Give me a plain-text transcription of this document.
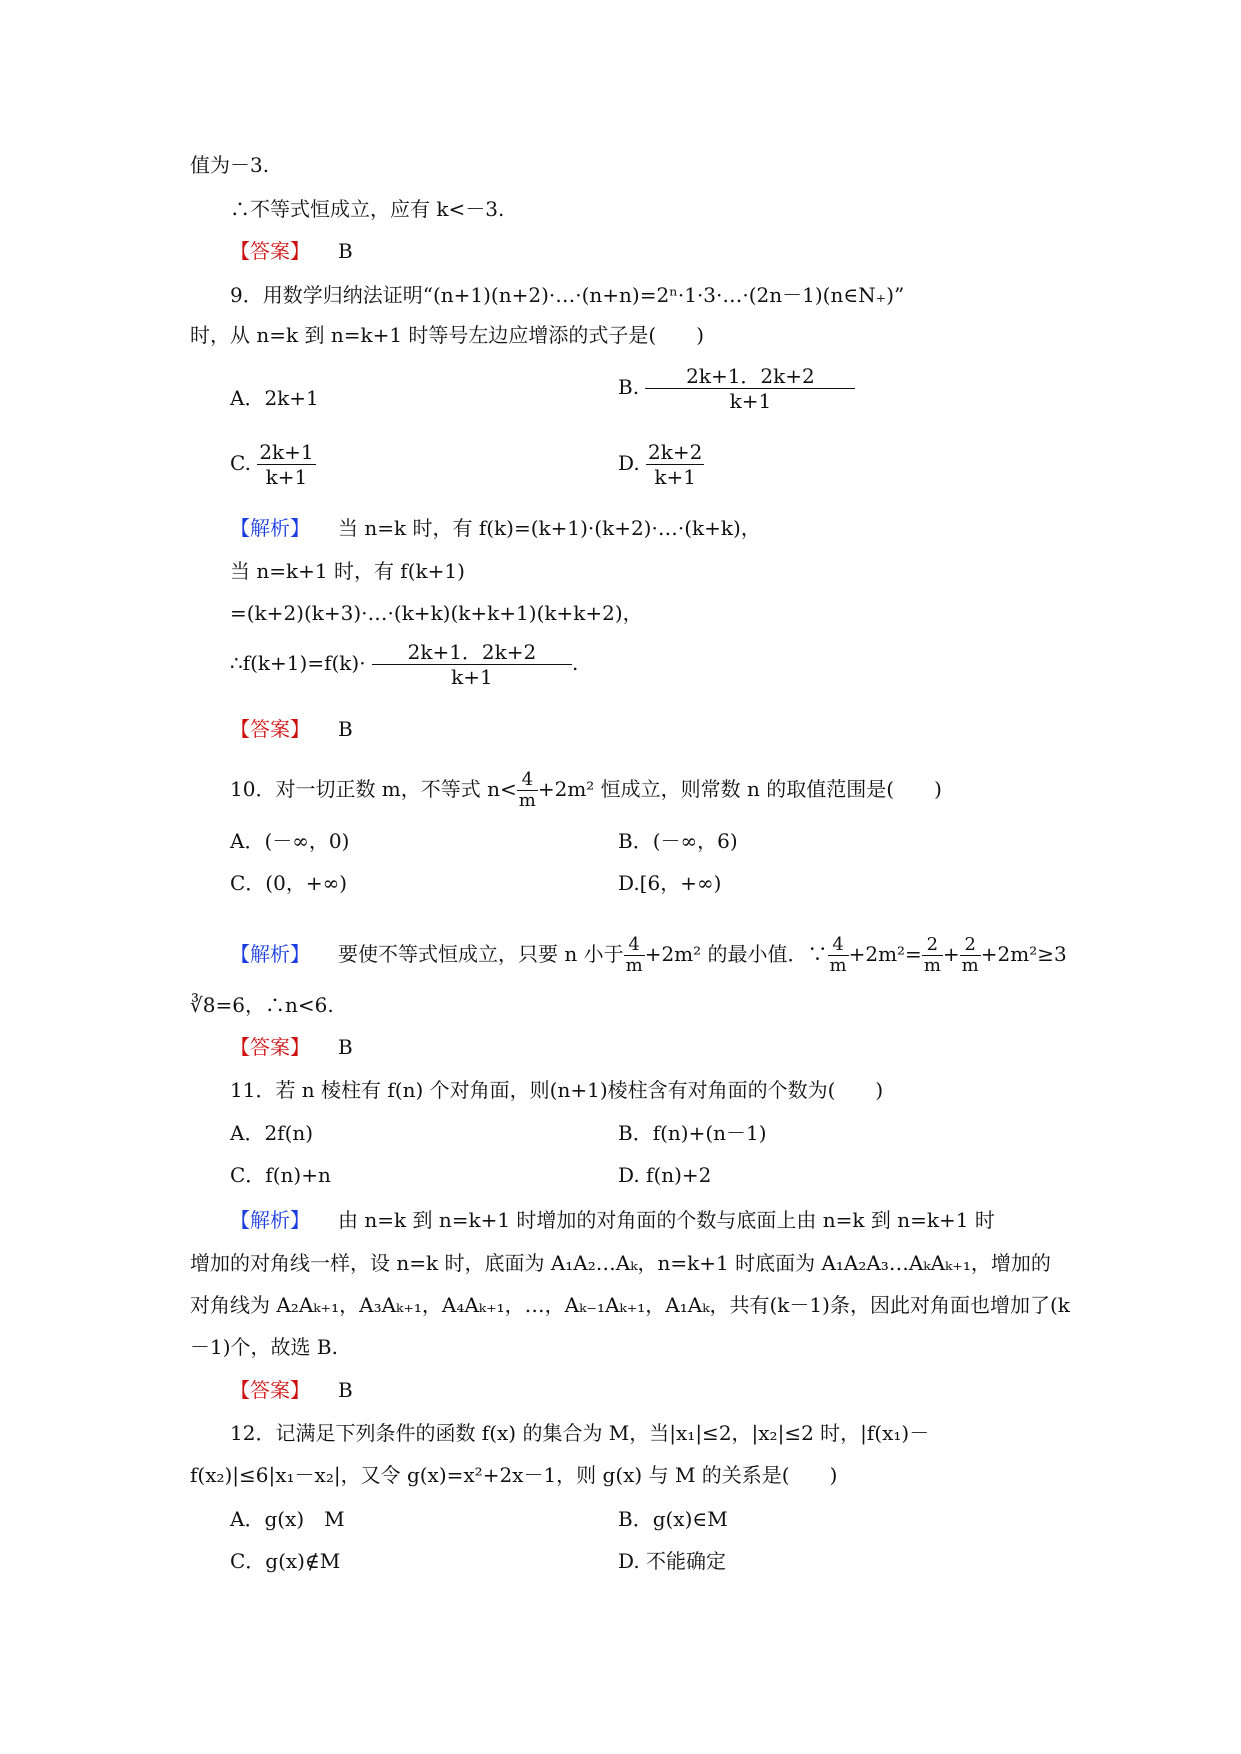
值为－3.
∴不等式恒成立，应有 k<－3.
【答案】 B
9．用数学归纳法证明“(n+1)(n+2)·…·(n+n)=2ⁿ·1·3·…·(2n－1)(n∈N₊)”
时，从 n=k 到 n=k+1 时等号左边应增添的式子是(　　)
A．2k+1	B. $\frac{2k+1.2k+2}{k+1}$
C. $\frac{2k+1}{k+1}$	D. $\frac{2k+2}{k+1}$
【解析】 当 n=k 时，有 f(k)=(k+1)·(k+2)·…·(k+k)，
当 n=k+1 时，有 f(k+1)
=(k+2)(k+3)·…·(k+k)(k+k+1)(k+k+2)，
∴f(k+1)=f(k)· $\frac{2k+1.2k+2}{k+1}$ .
【答案】 B
10．对一切正数 m，不等式 $n< \frac{4}{m} +2m^2$ 恒成立，则常数 n 的取值范围是(　　)
A．(－∞，0)	B．(－∞，6)
C．(0，+∞)	D.[6，+∞)
【解析】 要使不等式恒成立，只要 n 小于 $\frac{4}{m} +2m^2$ 的最小值．∵ $\frac{4}{m} +2m^2= \frac{2}{m} + \frac{2}{m} +2m^2\ge 3$
∛8=6，∴n<6.
【答案】 B
11．若 n 棱柱有 f(n) 个对角面，则(n+1)棱柱含有对角面的个数为(　　)
A．2f(n)	B．f(n)+(n－1)
C．f(n)+n	D. f(n)+2
【解析】 由 n=k 到 n=k+1 时增加的对角面的个数与底面上由 n=k 到 n=k+1 时
增加的对角线一样，设 n=k 时，底面为 A₁A₂…Aₖ，n=k+1 时底面为 A₁A₂A₃…AₖAₖ₊₁，增加的
对角线为 A₂Aₖ₊₁，A₃Aₖ₊₁，A₄Aₖ₊₁，…，Aₖ₋₁Aₖ₊₁，A₁Aₖ，共有(k－1)条，因此对角面也增加了(k
－1)个，故选 B.
【答案】 B
12．记满足下列条件的函数 f(x) 的集合为 M，当|x₁|≤2，|x₂|≤2 时，|f(x₁)－
f(x₂)|≤6|x₁－x₂|，又令 g(x)=x²+2x－1，则 g(x) 与 M 的关系是(　　)
A．g(x)　M	B．g(x)∈M
C．g(x)∉M	D. 不能确定
